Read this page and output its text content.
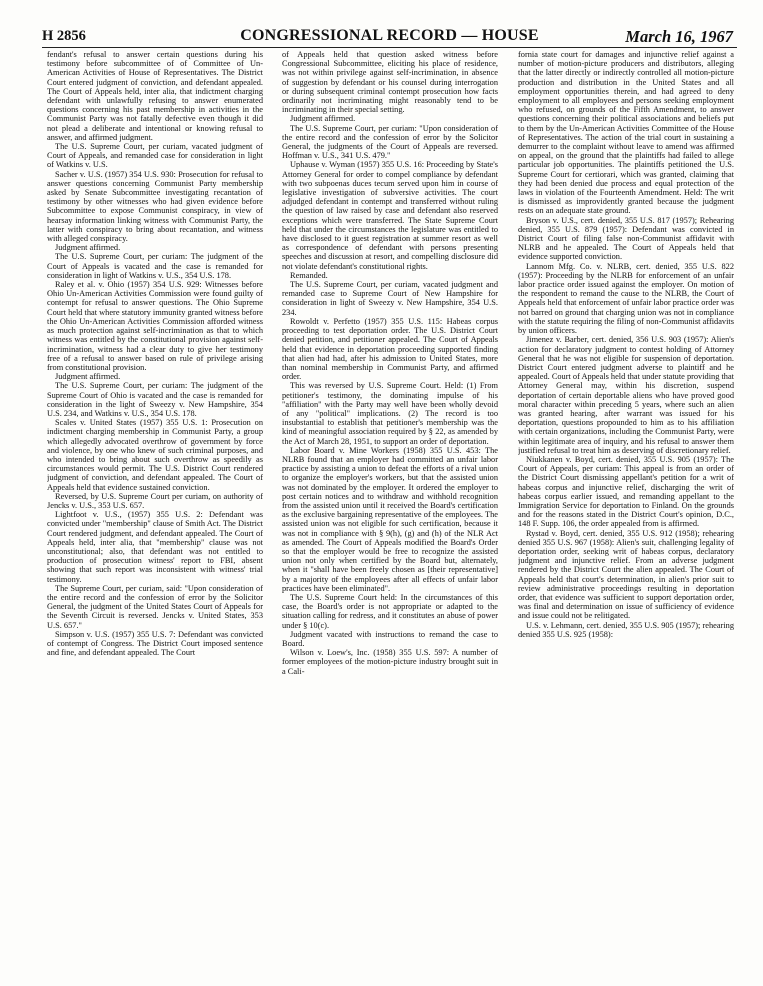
H 2856	CONGRESSIONAL RECORD — HOUSE	March 16, 1967

fendant's refusal to answer certain questions during his testimony before subcommittee of of Committee of Un-American Activities of House of Representatives. The District Court entered judgment of conviction, and defendant appealed. The Court of Appeals held, inter alia, that indictment charging defendant with unlawfully refusing to answer enumerated questions concerning his past membership in activities in the Communist Party was not fatally defective even though it did not plead a deliberate and intentional or knowing refusal to answer, and affirmed judgment.

The U.S. Supreme Court, per curiam, vacated judgment of Court of Appeals, and remanded case for consideration in light of Watkins v. U.S.

Sacher v. U.S. (1957) 354 U.S. 930: Prosecution for refusal to answer questions concerning Communist Party membership asked by Senate Subcommittee investigating recantation of testimony by other witnesses who had given evidence before Subcommittee to expose Communist conspiracy, in view of hearsay information linking witness with Communist Party, the latter with conspiracy to bring about recantation, and witness with alleged conspiracy.

Judgment affirmed.

The U.S. Supreme Court, per curiam: The judgment of the Court of Appeals is vacated and the case is remanded for consideration in light of Watkins v. U.S., 354 U.S. 178.

Raley et al. v. Ohio (1957) 354 U.S. 929: Witnesses before Ohio Un-American Activities Commission were found guilty of contempt for refusal to answer questions. The Ohio Supreme Court held that where statutory immunity granted witness before the Ohio Un-American Activities Commission afforded witness as much protection against self-incrimination as that to which witness was entitled by the constitutional provision against self-incrimination, witness had a clear duty to give her testimony free of a refusal to answer based on rule of privilege arising from constitutional provision.

Judgment affirmed.

The U.S. Supreme Court, per curiam: The judgment of the Supreme Court of Ohio is vacated and the case is remanded for consideration in the light of Sweezy v. New Hampshire, 354 U.S. 234, and Watkins v. U.S., 354 U.S. 178.

Scales v. United States (1957) 355 U.S. 1: Prosecution on indictment charging membership in Communist Party, a group which allegedly advocated overthrow of government by force and violence, by one who knew of such criminal purposes, and who intended to bring about such overthrow as speedily as circumstances would permit. The U.S. District Court rendered judgment of conviction, and defendant appealed. The Court of Appeals held that evidence sustained conviction.

Reversed, by U.S. Supreme Court per curiam, on authority of Jencks v. U.S., 353 U.S. 657.

Lightfoot v. U.S., (1957) 355 U.S. 2: Defendant was convicted under "membership" clause of Smith Act. The District Court rendered judgment, and defendant appealed. The Court of Appeals held, inter alia, that "membership" clause was not unconstitutional; also, that defendant was not entitled to production of prosecution witness' report to FBI, absent showing that such report was inconsistent with witness' trial testimony.

The Supreme Court, per curiam, said: "Upon consideration of the entire record and the confession of error by the Solicitor General, the judgment of the United States Court of Appeals for the Seventh Circuit is reversed. Jencks v. United States, 353 U.S. 657."

Simpson v. U.S. (1957) 355 U.S. 7: Defendant was convicted of contempt of Congress. The District Court imposed sentence and fine, and defendant appealed. The Court

of Appeals held that question asked witness before Congressional Subcommittee, eliciting his place of residence, was not within privilege against self-incrimination, in absence of suggestion by defendant or his counsel during interrogation or during subsequent criminal contempt prosecution how facts ordinarily not incriminating might reasonably tend to be incriminating in their special setting.

Judgment affirmed.

The U.S. Supreme Court, per curiam: "Upon consideration of the entire record and the confession of error by the Solicitor General, the judgments of the Court of Appeals are reversed. Hoffman v. U.S., 341 U.S. 479."

Uphause v. Wyman (1957) 355 U.S. 16: Proceeding by State's Attorney General for order to compel compliance by defendant with two subpoenas duces tecum served upon him in course of legislative investigation of subversive activities. The court adjudged defendant in contempt and transferred without ruling the question of law raised by case and defendant also reserved exceptions which were transferred. The State Supreme Court held that under the circumstances the legislature was entitled to have disclosed to it guest registration at summer resort as well as correspondence of defendant with persons presenting speeches and discussion at resort, and compelling disclosure did not violate defendant's constitutional rights.

Remanded.

The U.S. Supreme Court, per curiam, vacated judgment and remanded case to Supreme Court of New Hampshire for consideration in light of Sweezy v. New Hampshire, 354 U.S. 234.

Rowoldt v. Perfetto (1957) 355 U.S. 115: Habeas corpus proceeding to test deportation order. The U.S. District Court denied petition, and petitioner appealed. The Court of Appeals held that evidence in deportation proceeding supported finding that alien had had, after his admission to United States, more than nominal membership in Communist Party, and affirmed order.

This was reversed by U.S. Supreme Court. Held: (1) From petitioner's testimony, the dominating impulse of his "affiliation" with the Party may well have been wholly devoid of any "political" implications. (2) The record is too insubstantial to establish that petitioner's membership was the kind of meaningful association required by § 22, as amended by the Act of March 28, 1951, to support an order of deportation.

Labor Board v. Mine Workers (1958) 355 U.S. 453: The NLRB found that an employer had committed an unfair labor practice by assisting a union to defeat the efforts of a rival union to organize the employer's workers, but that the assisted union was not dominated by the employer. It ordered the employer to post certain notices and to withdraw and withhold recognition from the assisted union until it received the Board's certification as the exclusive bargaining representative of the employees. The assisted union was not eligible for such certification, because it was not in compliance with § 9(h), (g) and (h) of the NLR Act as amended. The Court of Appeals modified the Board's Order so that the employer would be free to recognize the assisted union not only when certified by the Board but, alternately, when it "shall have been freely chosen as [their representative] by a majority of the employees after all effects of unfair labor practices have been eliminated".

The U.S. Supreme Court held: In the circumstances of this case, the Board's order is not appropriate or adapted to the situation calling for redress, and it constitutes an abuse of power under § 10(c).

Judgment vacated with instructions to remand the case to Board.

Wilson v. Loew's, Inc. (1958) 355 U.S. 597: A number of former employees of the motion-picture industry brought suit in a Cali-

fornia state court for damages and injunctive relief against a number of motion-picture producers and distributors, alleging that the latter directly or indirectly controlled all motion-picture production and distribution in the United States and all employment opportunities therein, and had agreed to deny employment to all employees and persons seeking employment who refused, on grounds of the Fifth Amendment, to answer questions concerning their political associations and beliefs put to them by the Un-American Activities Committee of the House of Representatives. The action of the trial court in sustaining a demurrer to the complaint without leave to amend was affirmed on appeal, on the ground that the plaintiffs had failed to allege particular job opportunities. The plaintiffs petitioned the U.S. Supreme Court for certiorari, which was granted, claiming that they had been denied due process and equal protection of the laws in violation of the Fourteenth Amendment. Held: The writ is dismissed as improvidently granted because the judgment rests on an adequate state ground.

Bryson v. U.S., cert. denied, 355 U.S. 817 (1957); Rehearing denied, 355 U.S. 879 (1957): Defendant was convicted in District Court of filing false non-Communist affidavit with NLRB and he appealed. The Court of Appeals held that evidence supported conviction.

Lannom Mfg. Co. v. NLRB, cert. denied, 355 U.S. 822 (1957): Proceeding by the NLRB for enforcement of an unfair labor practice order issued against the employer. On motion of the respondent to remand the cause to the NLRB, the Court of Appeals held that enforcement of unfair labor practice order was not barred on ground that charging union was not in compliance with the statute requiring the filing of non-Communist affidavits by union officers.

Jimenez v. Barber, cert. denied, 356 U.S. 903 (1957): Alien's action for declaratory judgment to contest holding of Attorney General that he was not eligible for suspension of deportation. District Court entered judgment adverse to plaintiff and he appealed. Court of Appeals held that under statute providing that Attorney General may, within his discretion, suspend deportation of certain deportable aliens who have proved good moral character within preceding 5 years, where such an alien was granted hearing, after warrant was issued for his deportation, questions propounded to him as to his affiliation with certain organizations, including the Communist Party, were within legitimate area of inquiry, and his refusal to answer them justified refusal to treat him as deserving of discretionary relief.

Niukkanen v. Boyd, cert. denied, 355 U.S. 905 (1957): The Court of Appeals, per curiam: This appeal is from an order of the District Court dismissing appellant's petition for a writ of habeas corpus and injunctive relief, discharging the writ of habeas corpus earlier issued, and remanding appellant to the Immigration Service for deportation to Finland. On the grounds and for the reasons stated in the District Court's opinion, D.C., 148 F. Supp. 106, the order appealed from is affirmed.

Rystad v. Boyd, cert. denied, 355 U.S. 912 (1958); rehearing denied 355 U.S. 967 (1958): Alien's suit, challenging legality of deportation order, seeking writ of habeas corpus, declaratory judgment and injunctive relief. From an adverse judgment rendered by the District Court the alien appealed. The Court of Appeals held that court's determination, in alien's prior suit to review administrative proceedings resulting in deportation order, that evidence was sufficient to support deportation order, was final and determination on issue of sufficiency of evidence and issue could not be relitigated.

U.S. v. Lehmann, cert. denied, 355 U.S. 905 (1957); rehearing denied 355 U.S. 925 (1958):
